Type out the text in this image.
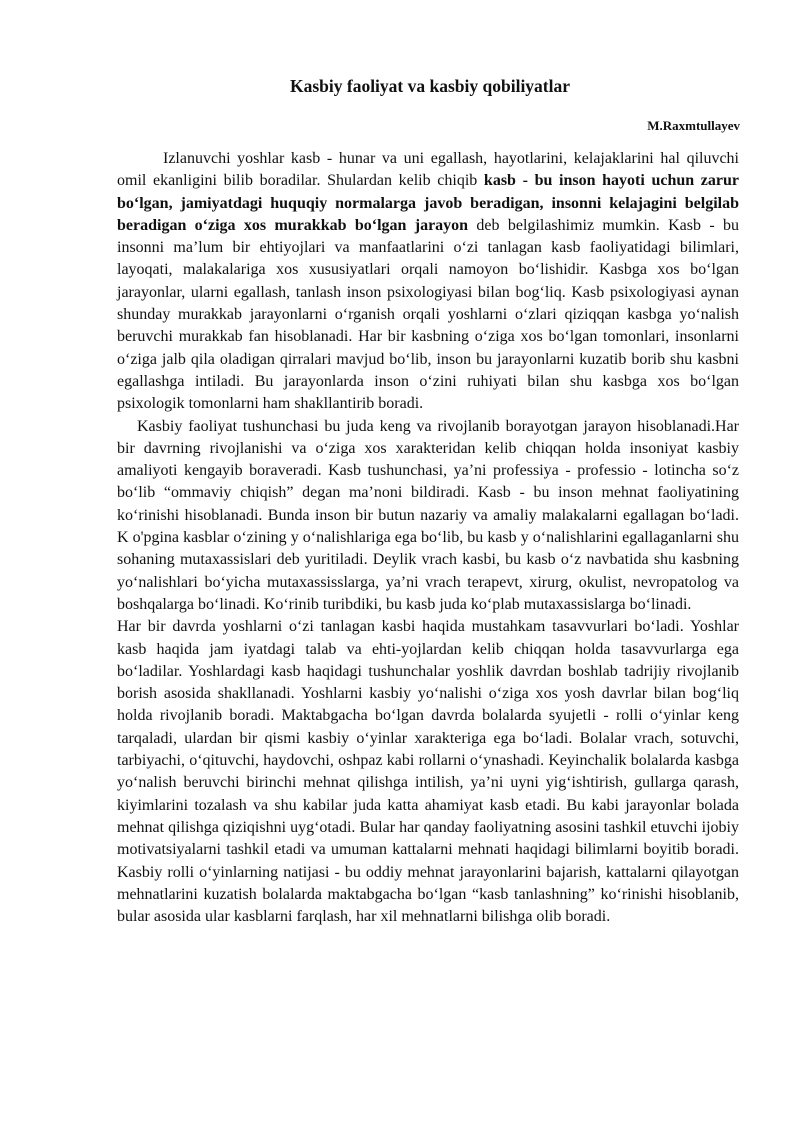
Kasbiy faoliyat va kasbiy qobiliyatlar
M.Raxmtullayev

Izlanuvchi yoshlar kasb - hunar va uni egallash, hayotlarini, kelajaklarini hal qiluvchi omil ekanligini bilib boradilar. Shulardan kelib chiqib kasb - bu inson hayoti uchun zarur bo‘lgan, jamiyatdagi huquqiy normalarga javob beradigan, insonni kelajagini belgilab beradigan o‘ziga xos murakkab bo‘lgan jarayon deb belgilashimiz mumkin. Kasb - bu insonni ma’lum bir ehtiyojlari va manfaatlarini o‘zi tanlagan kasb faoliyatidagi bilimlari, layoqati, malakalariga xos xususiyatlari orqali namoyon bo‘lishidir. Kasbga xos bo‘lgan jarayonlar, ularni egallash, tanlash inson psixologiyasi bilan bog‘liq. Kasb psixologiyasi aynan shunday murakkab jarayonlarni o‘rganish orqali yoshlarni o‘zlari qiziqqan kasbga yo‘nalish beruvchi murakkab fan hisoblanadi. Har bir kasbning o‘ziga xos bo‘lgan tomonlari, insonlarni o‘ziga jalb qila oladigan qirralari mavjud bo‘lib, inson bu jarayonlarni kuzatib borib shu kasbni egallashga intiladi. Bu jarayonlarda inson o‘zini ruhiyati bilan shu kasbga xos bo‘lgan psixologik tomonlarni ham shakllantirib boradi.

Kasbiy faoliyat tushunchasi bu juda keng va rivojlanib borayotgan jarayon hisoblanadi.Har bir davrning rivojlanishi va o‘ziga xos xarakteridan kelib chiqqan holda insoniyat kasbiy amaliyoti kengayib boraveradi. Kasb tushunchasi, ya’ni professiya - professio - lotincha so‘z bo‘lib “ommaviy chiqish” degan ma’noni bildiradi. Kasb - bu inson mehnat faoliyatining ko‘rinishi hisoblanadi. Bunda inson bir butun nazariy va amaliy malakalarni egallagan bo‘ladi. K o'pgina kasblar o‘zining y o‘nalishlariga ega bo‘lib, bu kasb y o‘nalishlarini egallaganlarni shu sohaning mutaxassislari deb yuritiladi. Deylik vrach kasbi, bu kasb o‘z navbatida shu kasbning yo‘nalishlari bo‘yicha mutaxassisslarga, ya’ni vrach terapevt, xirurg, okulist, nevropatolog va boshqalarga bo‘linadi. Ko‘rinib turibdiki, bu kasb juda ko‘plab mutaxassislarga bo‘linadi.

Har bir davrda yoshlarni o‘zi tanlagan kasbi haqida mustahkam tasavvurlari bo‘ladi. Yoshlar kasb haqida jam iyatdagi talab va ehti-yojlardan kelib chiqqan holda tasavvurlarga ega bo‘ladilar. Yoshlardagi kasb haqidagi tushunchalar yoshlik davrdan boshlab tadrijiy rivojlanib borish asosida shakllanadi. Yoshlarni kasbiy yo‘nalishi o‘ziga xos yosh davrlar bilan bog‘liq holda rivojlanib boradi. Maktabgacha bo‘lgan davrda bolalarda syujetli - rolli o‘yinlar keng tarqaladi, ulardan bir qismi kasbiy o‘yinlar xarakteriga ega bo‘ladi. Bolalar vrach, sotuvchi, tarbiyachi, o‘qituvchi, haydovchi, oshpaz kabi rollarni o‘ynashadi. Keyinchalik bolalarda kasbga yo‘nalish beruvchi birinchi mehnat qilishga intilish, ya’ni uyni yig‘ishtirish, gullarga qarash, kiyimlarini tozalash va shu kabilar juda katta ahamiyat kasb etadi. Bu kabi jarayonlar bolada mehnat qilishga qiziqishni uyg‘otadi. Bular har qanday faoliyatning asosini tashkil etuvchi ijobiy motivatsiyalarni tashkil etadi va umuman kattalarni mehnati haqidagi bilimlarni boyitib boradi. Kasbiy rolli o‘yinlarning natijasi - bu oddiy mehnat jarayonlarini bajarish, kattalarni qilayotgan mehnatlarini kuzatish bolalarda maktabgacha bo‘lgan “kasb tanlashning” ko‘rinishi hisoblanib, bular asosida ular kasblarni farqlash, har xil mehnatlarni bilishga olib boradi.
